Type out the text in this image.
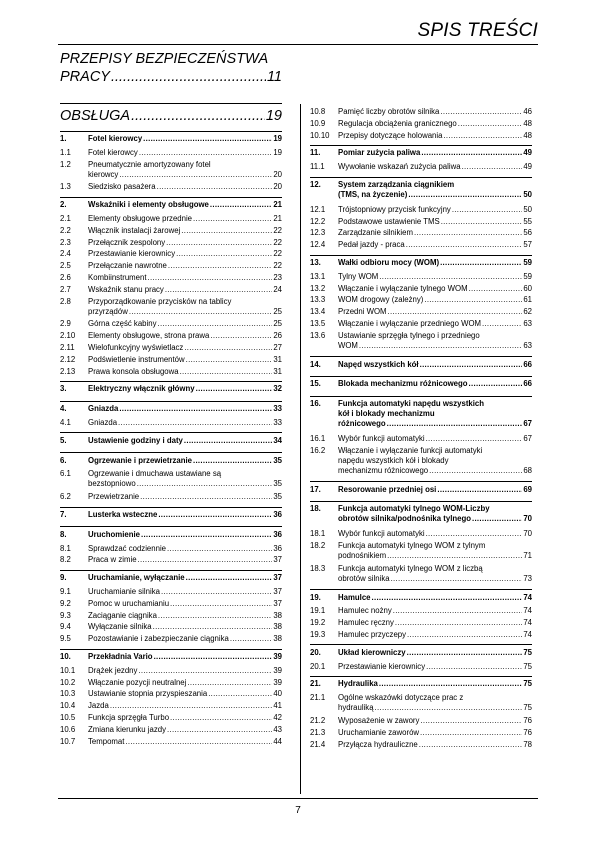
SPIS TREŚCI
PRZEPISY BEZPIECZEŃSTWA
PRACY .....	11
OBSŁUGA .....	19
1.	Fotel kierowcy .....	19
1.1 Fotel kierowcy .....	19
1.2 Pneumatycznie amortyzowany fotel
kierowcy .....	20
1.3 Siedzisko pasażera .....	20
2.	Wskaźniki i elementy obsługowe .....	21
2.1 Elementy obsługowe przednie .....	21
2.2 Włącznik instalacji żarowej .....	22
2.3 Przełącznik zespolony .....	22
2.4 Przestawianie kierownicy .....	22
2.5 Przełączanie nawrotne .....	22
2.6 Kombiinstrument .....	23
2.7 Wskaźnik stanu pracy .....	24
2.8 Przyporządkowanie przycisków na tablicy
przyrządów .....	25
2.9 Górna część kabiny .....	25
2.10 Elementy obsługowe, strona prawa .....	26
2.11 Wielofunkcyjny wyświetlacz .....	27
2.12 Podświetlenie instrumentów .....	31
2.13 Prawa konsola obsługowa .....	31
3.	Elektryczny włącznik główny .....	32
4.	Gniazda .....	33
4.1 Gniazda .....	33
5.	Ustawienie godziny i daty .....	34
6.	Ogrzewanie i przewietrzanie .....	35
6.1 Ogrzewanie i dmuchawa ustawiane są
bezstopniowo .....	35
6.2 Przewietrzanie .....	35
7.	Lusterka wsteczne .....	36
8.	Uruchomienie .....	36
8.1 Sprawdzać codziennie .....	36
8.2 Praca w zimie .....	37
9.	Uruchamianie, wyłączanie .....	37
9.1 Uruchamianie silnika .....	37
9.2 Pomoc w uruchamianiu .....	37
9.3 Zaciąganie ciągnika .....	38
9.4 Wyłączanie silnika .....	38
9.5 Pozostawianie i zabezpieczanie ciągnika .....	38
10. Przekładnia Vario .....	39
10.1 Drążek jezdny .....	39
10.2 Włączanie pozycji neutralnej .....	39
10.3 Ustawianie stopnia przyspieszania .....	40
10.4 Jazda .....	41
10.5 Funkcja sprzęgła Turbo .....	42
10.6 Zmiana kierunku jazdy .....	43
10.7 Tempomat .....	44
10.8 Pamięć liczby obrotów silnika .....	46
10.9 Regulacja obciążenia granicznego .....	48
10.10 Przepisy dotyczące holowania .....	48
11. Pomiar zużycia paliwa .....	49
11.1 Wywołanie wskazań zużycia paliwa .....	49
12. System zarządzania ciągnikiem
(TMS, na życzenie) .....	50
12.1 Trójstopniowy przycisk funkcyjny .....	50
12.2 Podstawowe ustawienie TMS .....	55
12.3 Zarządzanie silnikiem .....	56
12.4 Pedał jazdy - praca .....	57
13. Wałki odbioru mocy (WOM) .....	59
13.1 Tylny WOM .....	59
13.2 Włączanie i wyłączanie tylnego WOM .....	60
13.3 WOM drogowy (zależny) .....	61
13.4 Przedni WOM .....	62
13.5 Włączanie i wyłączanie przedniego WOM .....	63
13.6 Ustawianie sprzęgła tylnego i przedniego
WOM .....	63
14. Napęd wszystkich kół .....	66
15. Blokada mechanizmu różnicowego .....	66
16. Funkcja automatyki napędu wszystkich
kół i blokady mechanizmu
różnicowego .....	67
16.1 Wybór funkcji automatyki .....	67
16.2 Włączanie i wyłączanie funkcji automatyki
napędu wszystkich kół i blokady
mechanizmu różnicowego .....	68
17. Resorowanie przedniej osi .....	69
18. Funkcja automatyki tylnego WOM-Liczby
obrotów silnika/podnośnika tylnego .....	70
18.1 Wybór funkcji automatyki .....	70
18.2 Funkcja automatyki tylnego WOM z tylnym
podnośnikiem .....	71
18.3 Funkcja automatyki tylnego WOM z liczbą
obrotów silnika .....	73
19. Hamulce .....	74
19.1 Hamulec nożny .....	74
19.2 Hamulec ręczny .....	74
19.3 Hamulec przyczepy .....	74
20. Układ kierowniczy .....	75
20.1 Przestawianie kierownicy .....	75
21. Hydraulika .....	75
21.1 Ogólne wskazówki dotyczące prac z
hydrauliką .....	75
21.2 Wyposażenie w zawory .....	76
21.3 Uruchamianie zaworów .....	76
21.4 Przyłącza hydrauliczne .....	78
7
